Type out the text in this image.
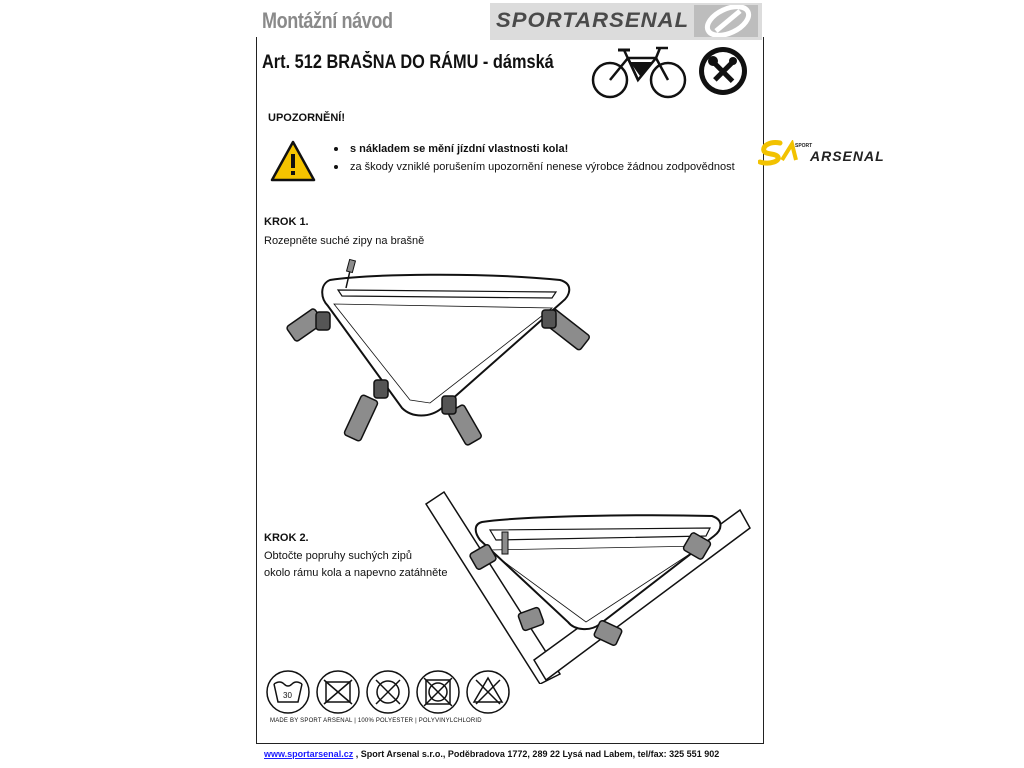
Montážní návod	SPORTARSENAL
Art. 512 BRAŠNA DO RÁMU - dámská
UPOZORNĚNÍ!
s nákladem se mění jízdní vlastnosti kola!
za škody vzniklé porušením upozornění nenese výrobce žádnou zodpovědnost
SPORT
ARSENAL
KROK 1.
Rozepněte suché zipy na brašně
KROK 2.
Obtočte popruhy suchých zipů
okolo rámu kola a napevno zatáhněte
30
MADE BY SPORT ARSENAL | 100% POLYESTER | POLYVINYLCHLORID
www.sportarsenal.cz , Sport Arsenal s.r.o., Poděbradova 1772, 289 22 Lysá nad Labem, tel/fax: 325 551 902
